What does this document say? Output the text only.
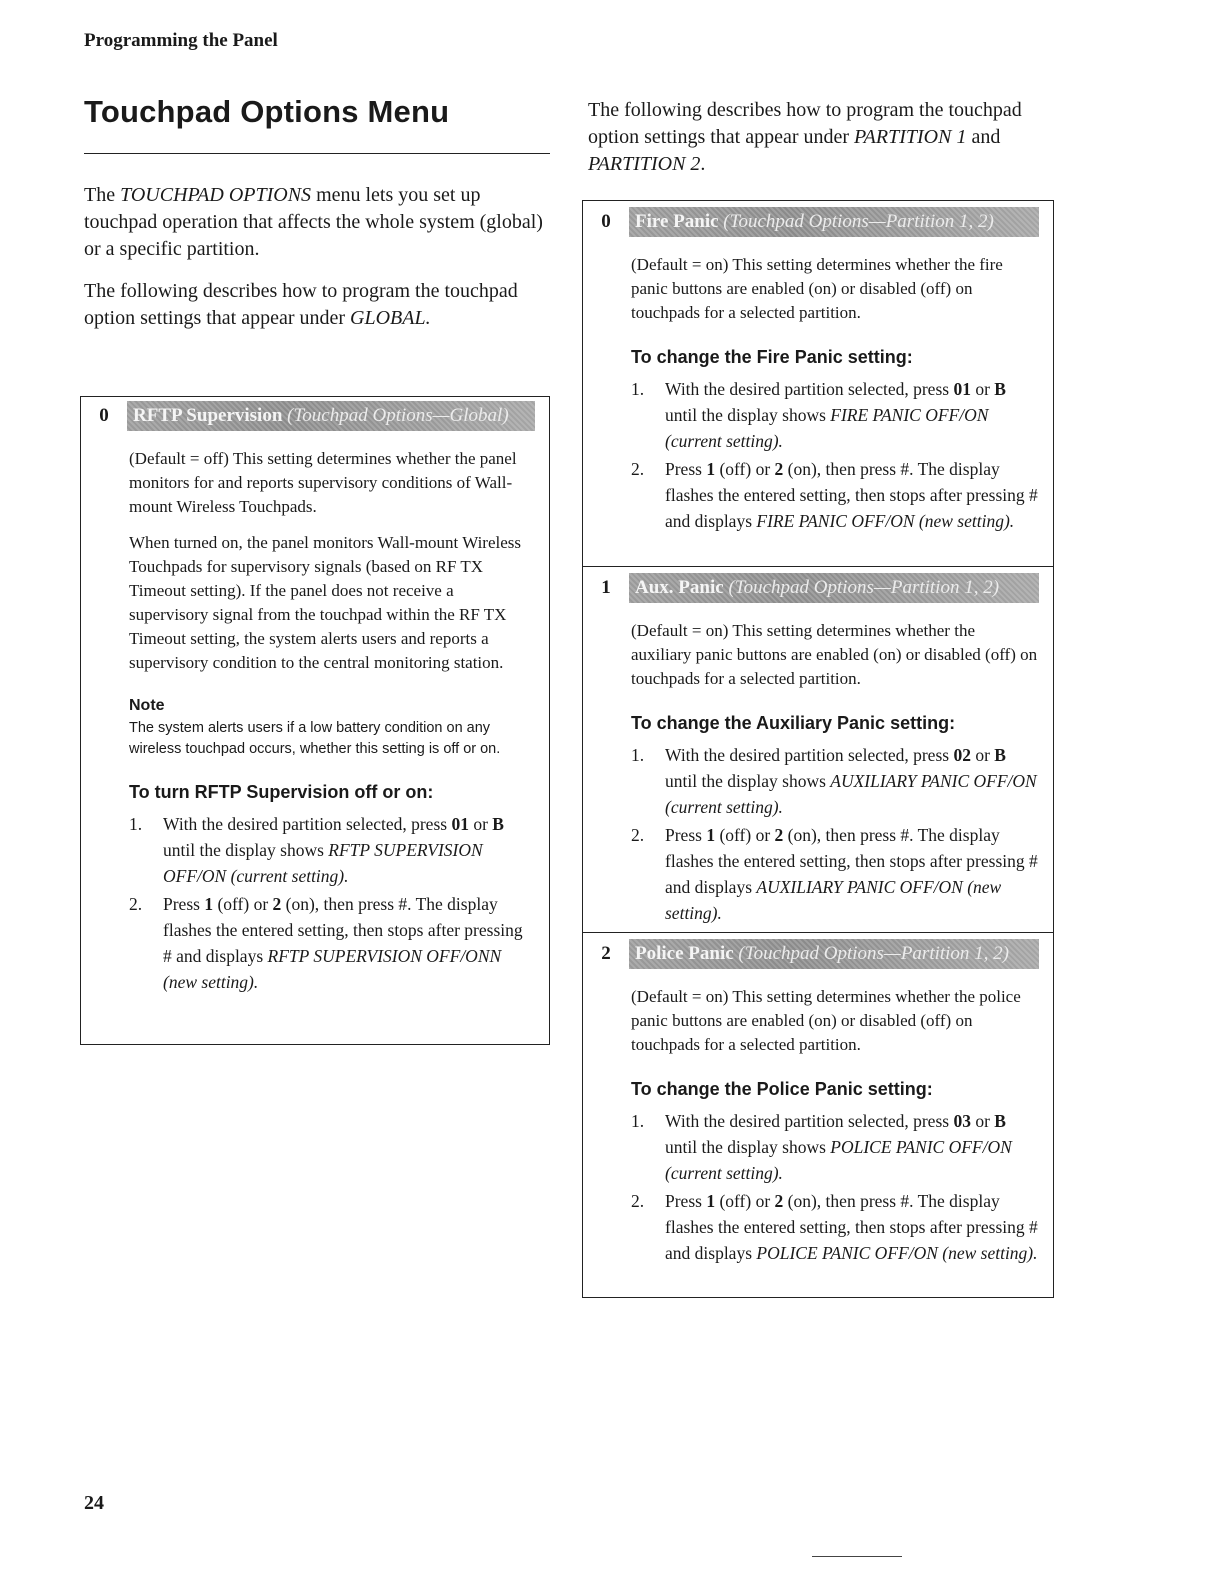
Programming the Panel
Touchpad Options Menu

The TOUCHPAD OPTIONS menu lets you set up touchpad operation that affects the whole system (global) or a specific partition.

The following describes how to program the touchpad option settings that appear under GLOBAL.

The following describes how to program the touchpad option settings that appear under PARTITION 1 and PARTITION 2.

0	RFTP Supervision (Touchpad Options—Global)

(Default = off) This setting determines whether the panel monitors for and reports supervisory conditions of Wall-mount Wireless Touchpads.

When turned on, the panel monitors Wall-mount Wireless Touchpads for supervisory signals (based on RF TX Timeout setting). If the panel does not receive a supervisory signal from the touchpad within the RF TX Timeout setting, the system alerts users and reports a supervisory condition to the central monitoring station.

Note

The system alerts users if a low battery condition on any wireless touchpad occurs, whether this setting is off or on.

To turn RFTP Supervision off or on:
1.	With the desired partition selected, press 01 or B until the display shows RFTP SUPERVISION OFF/ON (current setting).
2.	Press 1 (off) or 2 (on), then press #. The display flashes the entered setting, then stops after pressing # and displays RFTP SUPERVISION OFF/ONN (new setting).
0	Fire Panic (Touchpad Options—Partition 1, 2)

(Default = on) This setting determines whether the fire panic buttons are enabled (on) or disabled (off) on touchpads for a selected partition.

To change the Fire Panic setting:
1.	With the desired partition selected, press 01 or B until the display shows FIRE PANIC OFF/ON (current setting).
2.	Press 1 (off) or 2 (on), then press #. The display flashes the entered setting, then stops after pressing # and displays FIRE PANIC OFF/ON (new setting).
1	Aux. Panic (Touchpad Options—Partition 1, 2)

(Default = on) This setting determines whether the auxiliary panic buttons are enabled (on) or disabled (off) on touchpads for a selected partition.

To change the Auxiliary Panic setting:
1.	With the desired partition selected, press 02 or B until the display shows AUXILIARY PANIC OFF/ON (current setting).
2.	Press 1 (off) or 2 (on), then press #. The display flashes the entered setting, then stops after pressing # and displays AUXILIARY PANIC OFF/ON (new setting).
2	Police Panic (Touchpad Options—Partition 1, 2)

(Default = on) This setting determines whether the police panic buttons are enabled (on) or disabled (off) on touchpads for a selected partition.

To change the Police Panic setting:
1.	With the desired partition selected, press 03 or B until the display shows POLICE PANIC OFF/ON (current setting).
2.	Press 1 (off) or 2 (on), then press #. The display flashes the entered setting, then stops after pressing # and displays POLICE PANIC OFF/ON (new setting).
24
